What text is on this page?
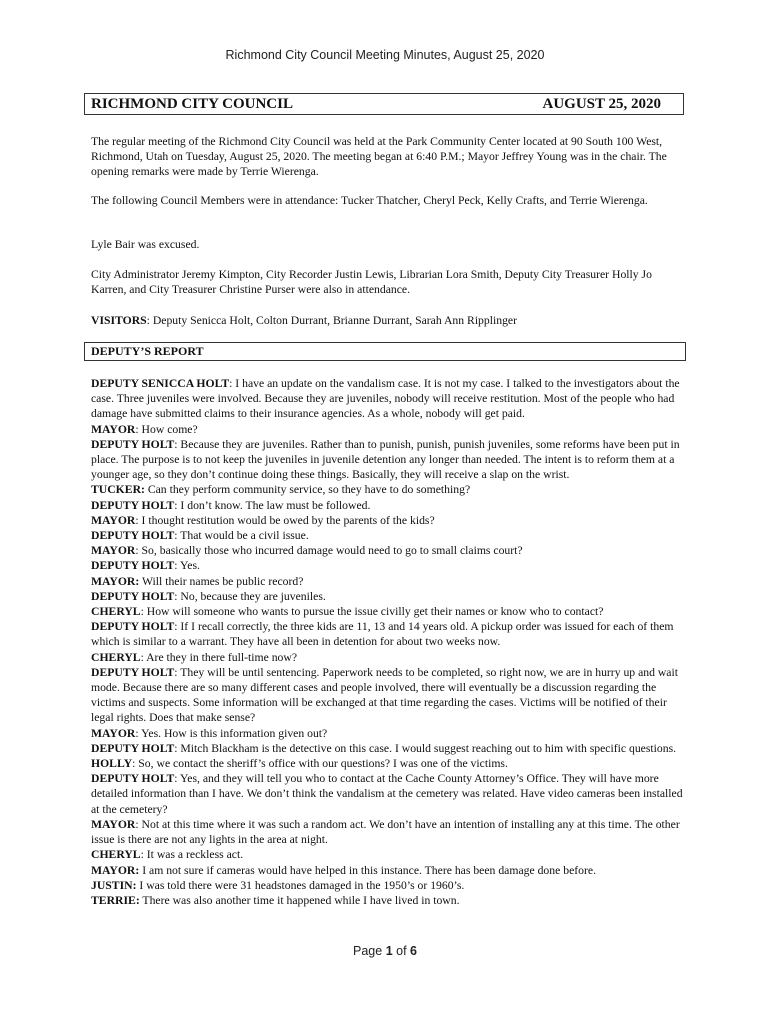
Richmond City Council Meeting Minutes, August 25, 2020
RICHMOND CITY COUNCIL	AUGUST 25, 2020

The regular meeting of the Richmond City Council was held at the Park Community Center located at 90 South 100 West, Richmond, Utah on Tuesday, August 25, 2020. The meeting began at 6:40 P.M.; Mayor Jeffrey Young was in the chair. The opening remarks were made by Terrie Wierenga.

The following Council Members were in attendance: Tucker Thatcher, Cheryl Peck, Kelly Crafts, and Terrie Wierenga.

Lyle Bair was excused.

City Administrator Jeremy Kimpton, City Recorder Justin Lewis, Librarian Lora Smith, Deputy City Treasurer Holly Jo Karren, and City Treasurer Christine Purser were also in attendance.

VISITORS: Deputy Senicca Holt, Colton Durrant, Brianne Durrant, Sarah Ann Ripplinger

DEPUTY’S REPORT

DEPUTY SENICCA HOLT: I have an update on the vandalism case. It is not my case. I talked to the investigators about the case. Three juveniles were involved. Because they are juveniles, nobody will receive restitution. Most of the people who had damage have submitted claims to their insurance agencies. As a whole, nobody will get paid.

MAYOR: How come?

DEPUTY HOLT: Because they are juveniles. Rather than to punish, punish, punish juveniles, some reforms have been put in place. The purpose is to not keep the juveniles in juvenile detention any longer than needed. The intent is to reform them at a younger age, so they don’t continue doing these things. Basically, they will receive a slap on the wrist.

TUCKER: Can they perform community service, so they have to do something?

DEPUTY HOLT: I don’t know. The law must be followed.

MAYOR: I thought restitution would be owed by the parents of the kids?

DEPUTY HOLT: That would be a civil issue.

MAYOR: So, basically those who incurred damage would need to go to small claims court?

DEPUTY HOLT: Yes.

MAYOR: Will their names be public record?

DEPUTY HOLT: No, because they are juveniles.

CHERYL: How will someone who wants to pursue the issue civilly get their names or know who to contact?

DEPUTY HOLT: If I recall correctly, the three kids are 11, 13 and 14 years old. A pickup order was issued for each of them which is similar to a warrant. They have all been in detention for about two weeks now.

CHERYL: Are they in there full-time now?

DEPUTY HOLT: They will be until sentencing. Paperwork needs to be completed, so right now, we are in hurry up and wait mode. Because there are so many different cases and people involved, there will eventually be a discussion regarding the victims and suspects. Some information will be exchanged at that time regarding the cases. Victims will be notified of their legal rights. Does that make sense?

MAYOR: Yes. How is this information given out?

DEPUTY HOLT: Mitch Blackham is the detective on this case. I would suggest reaching out to him with specific questions.

HOLLY: So, we contact the sheriff’s office with our questions? I was one of the victims.

DEPUTY HOLT: Yes, and they will tell you who to contact at the Cache County Attorney’s Office. They will have more detailed information than I have. We don’t think the vandalism at the cemetery was related. Have video cameras been installed at the cemetery?

MAYOR: Not at this time where it was such a random act. We don’t have an intention of installing any at this time. The other issue is there are not any lights in the area at night.

CHERYL: It was a reckless act.

MAYOR: I am not sure if cameras would have helped in this instance. There has been damage done before.

JUSTIN: I was told there were 31 headstones damaged in the 1950’s or 1960’s.

TERRIE: There was also another time it happened while I have lived in town.

Page 1 of 6
